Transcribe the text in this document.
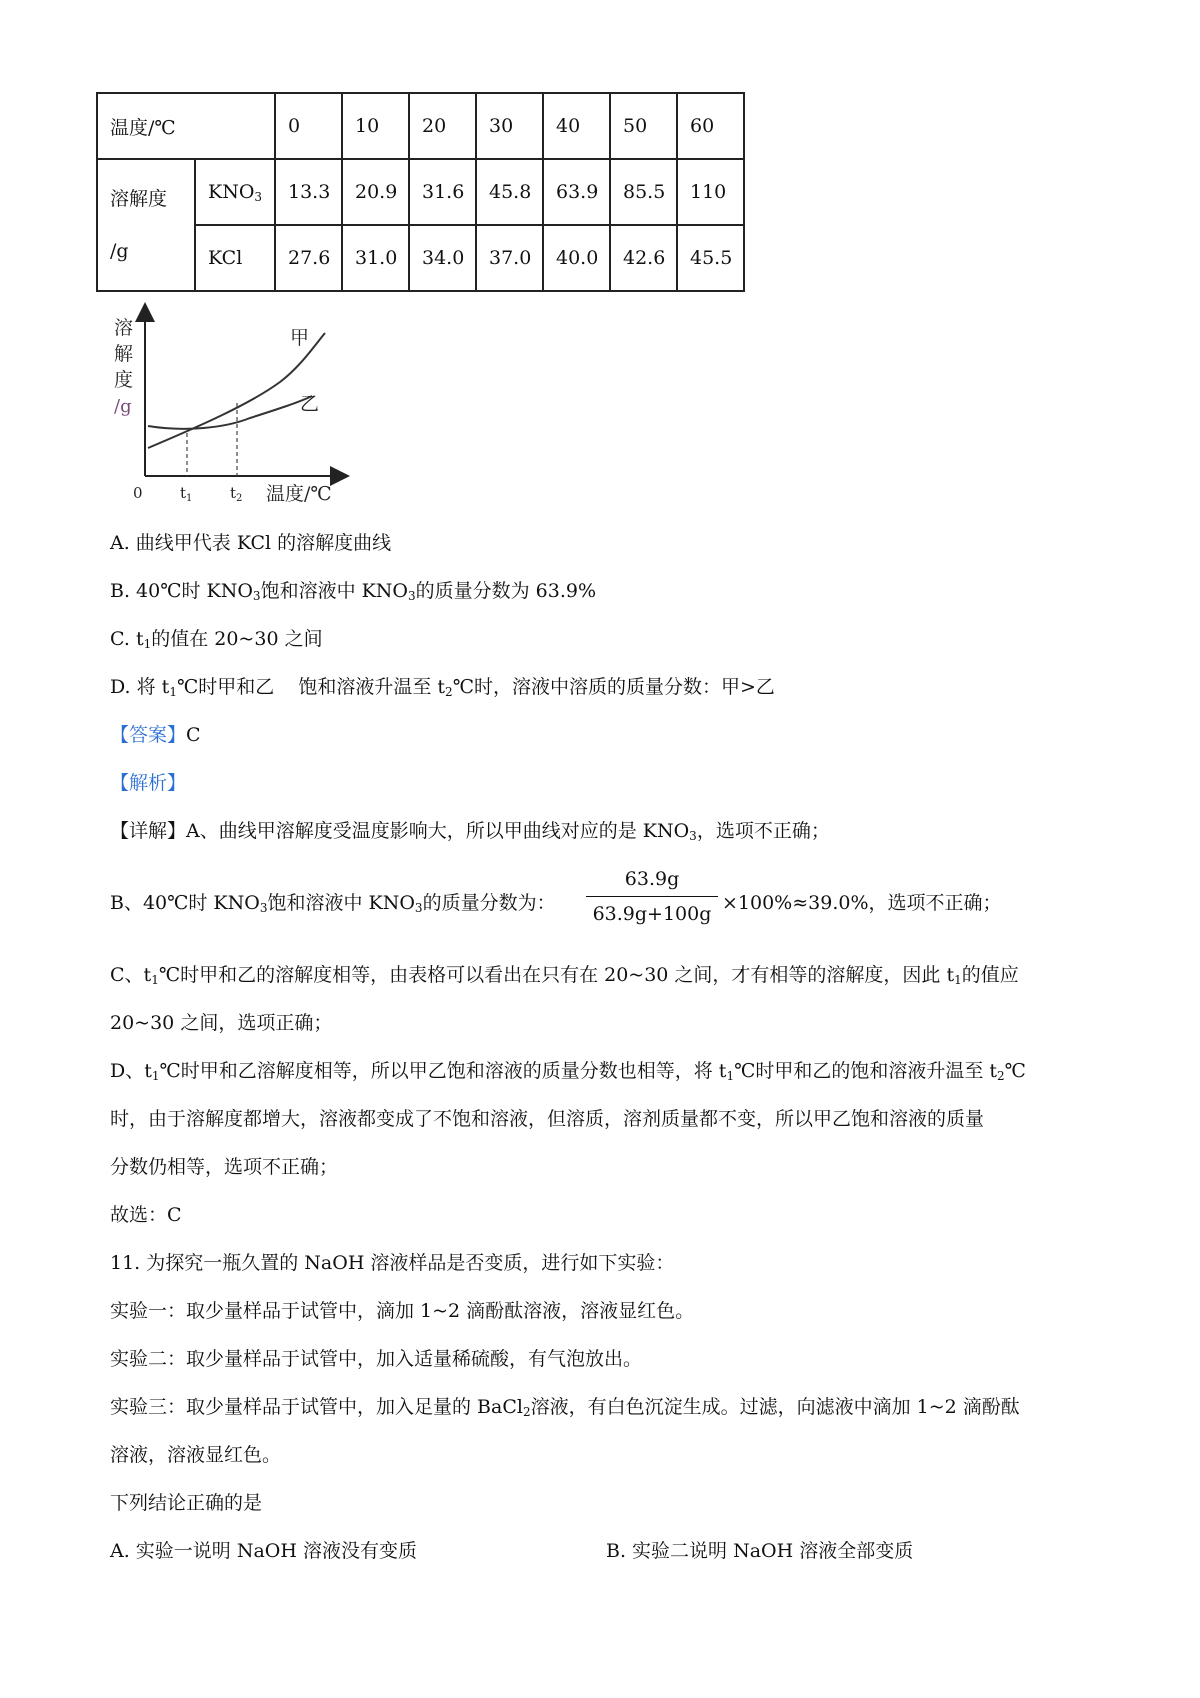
温度/℃		0	10	20	30	40	50	60
溶解度
/g	$KNO_3$	13.3	20.9	31.6	45.8	63.9	85.5	110
	KCl	27.6	31.0	34.0	37.0	40.0	42.6	45.5
溶
解
度
/g
0 $t_1$	$t_2$ 温度/℃
甲
乙
A. 曲线甲代表 KCl 的溶解度曲线
B. 40℃时 $KNO_3$饱和溶液中 $KNO_3$的质量分数为 63.9%
C. $t_1$的值在 20~30 之间
D. 将 $t_1℃$时甲和乙    饱和溶液升温至 $t_2℃$时，溶液中溶质的质量分数：甲>乙
【答案】C
【解析】
【详解】A、曲线甲溶解度受温度影响大，所以甲曲线对应的是 $KNO_3$，选项不正确；
B、40℃时 $KNO_3$饱和溶液中 $KNO_3$的质量分数为： $\frac{63.9g}{63.9g+100g} \times 100\%\approx 39.0\%$，选项不正确；
C、$t_1℃$时甲和乙的溶解度相等，由表格可以看出在只有在 20~30 之间，才有相等的溶解度，因此 $t_1$的值应
20~30 之间，选项正确；
D、$t_1℃$时甲和乙溶解度相等，所以甲乙饱和溶液的质量分数也相等，将 $t_1℃$时甲和乙的饱和溶液升温至 $t_2℃$
时，由于溶解度都增大，溶液都变成了不饱和溶液，但溶质，溶剂质量都不变，所以甲乙饱和溶液的质量
分数仍相等，选项不正确；
故选：C
11. 为探究一瓶久置的 NaOH 溶液样品是否变质，进行如下实验：
实验一：取少量样品于试管中，滴加 1~2 滴酚酞溶液，溶液显红色。
实验二：取少量样品于试管中，加入适量稀硫酸，有气泡放出。
实验三：取少量样品于试管中，加入足量的 BaCl$_2$溶液，有白色沉淀生成。过滤，向滤液中滴加 1~2 滴酚酞
溶液，溶液显红色。
下列结论正确的是
A. 实验一说明 NaOH 溶液没有变质	B. 实验二说明 NaOH 溶液全部变质
